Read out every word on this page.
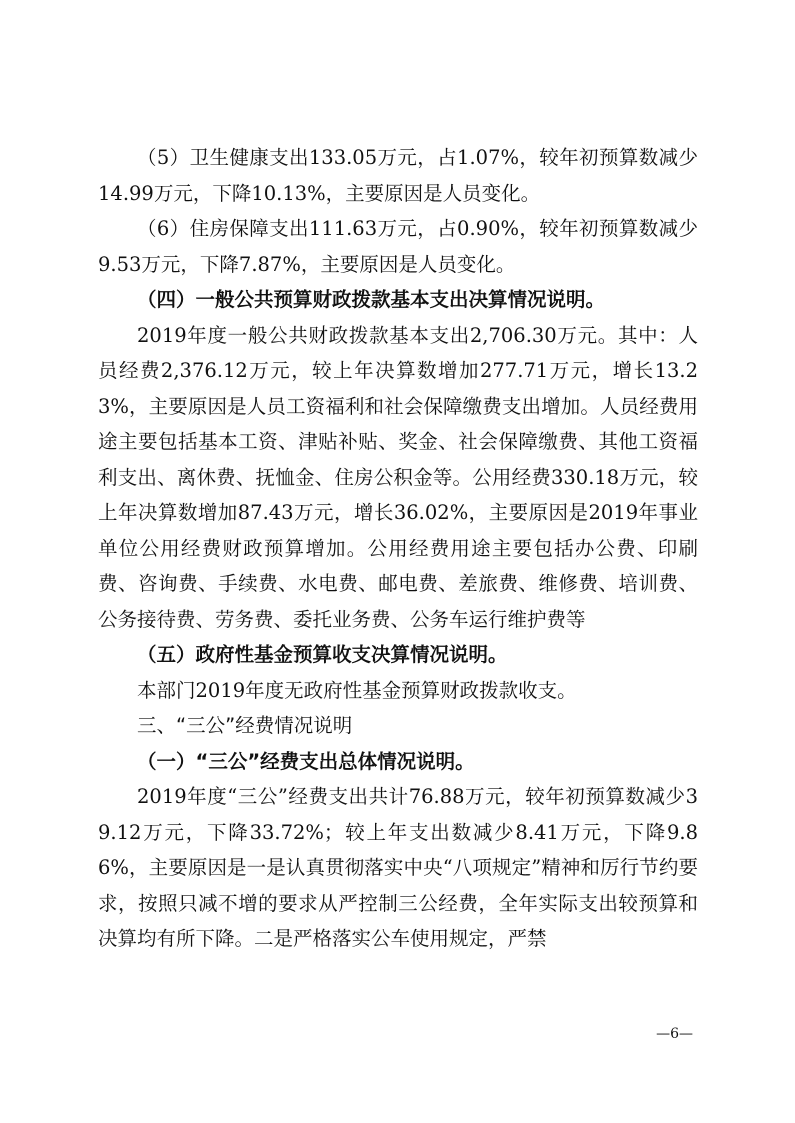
（5）卫生健康支出133.05万元，占1.07%，较年初预算数减少14.99万元，下降10.13%，主要原因是人员变化。

（6）住房保障支出111.63万元，占0.90%，较年初预算数减少9.53万元，下降7.87%，主要原因是人员变化。

（四）一般公共预算财政拨款基本支出决算情况说明。

2019年度一般公共财政拨款基本支出2,706.30万元。其中：人员经费2,376.12万元，较上年决算数增加277.71万元，增长13.23%，主要原因是人员工资福利和社会保障缴费支出增加。人员经费用途主要包括基本工资、津贴补贴、奖金、社会保障缴费、其他工资福利支出、离休费、抚恤金、住房公积金等。公用经费330.18万元，较上年决算数增加87.43万元，增长36.02%，主要原因是2019年事业单位公用经费财政预算增加。公用经费用途主要包括办公费、印刷费、咨询费、手续费、水电费、邮电费、差旅费、维修费、培训费、公务接待费、劳务费、委托业务费、公务车运行维护费等

（五）政府性基金预算收支决算情况说明。

本部门2019年度无政府性基金预算财政拨款收支。

三、“三公”经费情况说明

（一）“三公”经费支出总体情况说明。

2019年度“三公”经费支出共计76.88万元，较年初预算数减少39.12万元，下降33.72%；较上年支出数减少8.41万元，下降9.86%，主要原因是一是认真贯彻落实中央“八项规定”精神和厉行节约要求，按照只减不增的要求从严控制三公经费，全年实际支出较预算和决算均有所下降。二是严格落实公车使用规定，严禁

—6—
